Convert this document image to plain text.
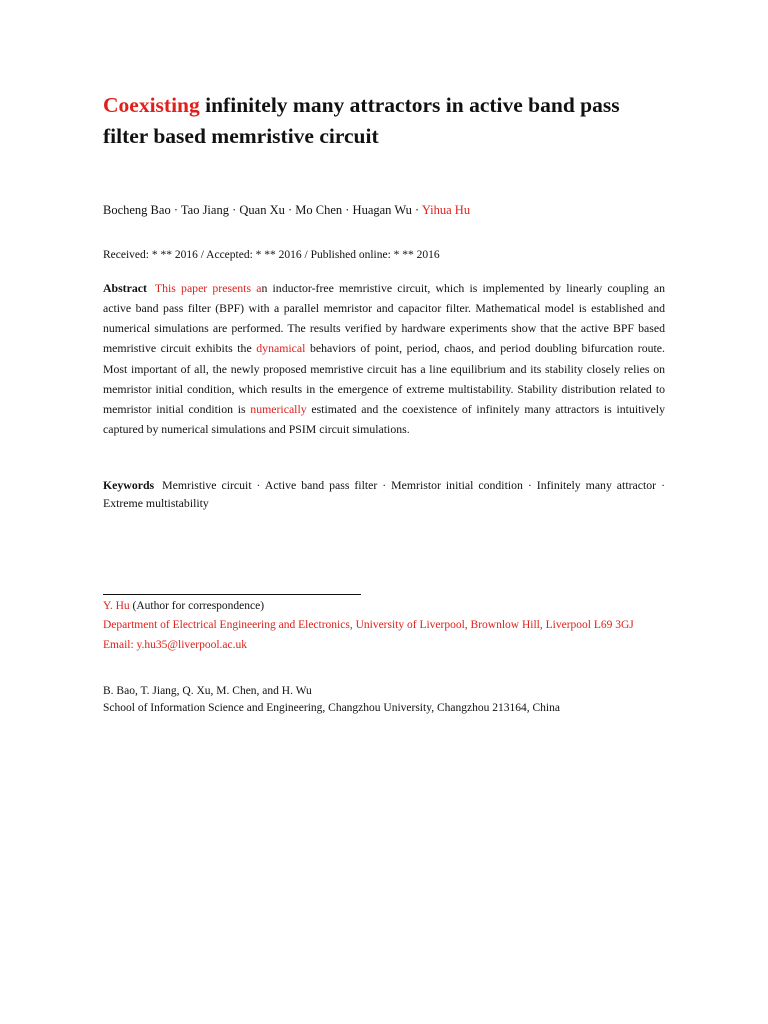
Coexisting infinitely many attractors in active band pass filter based memristive circuit
Bocheng Bao · Tao Jiang · Quan Xu · Mo Chen · Huagan Wu · Yihua Hu
Received: * ** 2016 / Accepted: * ** 2016 / Published online: * ** 2016

Abstract This paper presents an inductor-free memristive circuit, which is implemented by linearly coupling an active band pass filter (BPF) with a parallel memristor and capacitor filter. Mathematical model is established and numerical simulations are performed. The results verified by hardware experiments show that the active BPF based memristive circuit exhibits the dynamical behaviors of point, period, chaos, and period doubling bifurcation route. Most important of all, the newly proposed memristive circuit has a line equilibrium and its stability closely relies on memristor initial condition, which results in the emergence of extreme multistability. Stability distribution related to memristor initial condition is numerically estimated and the coexistence of infinitely many attractors is intuitively captured by numerical simulations and PSIM circuit simulations.

Keywords Memristive circuit · Active band pass filter · Memristor initial condition · Infinitely many attractor · Extreme multistability

Y. Hu (Author for correspondence)
Department of Electrical Engineering and Electronics, University of Liverpool, Brownlow Hill, Liverpool L69 3GJ
Email: y.hu35@liverpool.ac.uk
B. Bao, T. Jiang, Q. Xu, M. Chen, and H. Wu
School of Information Science and Engineering, Changzhou University, Changzhou 213164, China
